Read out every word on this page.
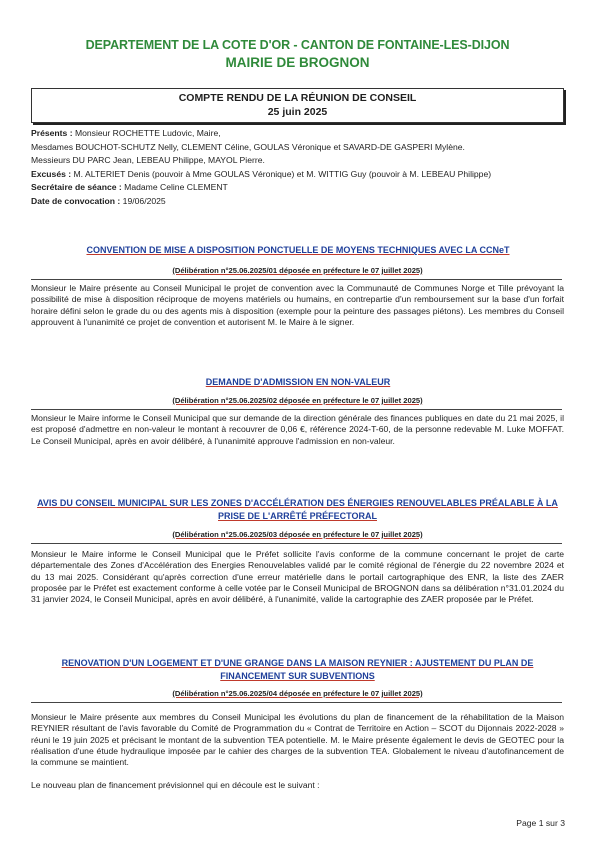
DEPARTEMENT DE LA COTE D'OR - CANTON DE FONTAINE-LES-DIJON
MAIRIE DE BROGNON
COMPTE RENDU DE LA RÉUNION DE CONSEIL
25 juin 2025
Présents : Monsieur ROCHETTE Ludovic, Maire,
Mesdames BOUCHOT-SCHUTZ Nelly, CLEMENT Céline, GOULAS Véronique et SAVARD-DE GASPERI Mylène.
Messieurs DU PARC Jean, LEBEAU Philippe, MAYOL Pierre.
Excusés : M. ALTERIET Denis (pouvoir à Mme GOULAS Véronique) et M. WITTIG Guy (pouvoir à M. LEBEAU Philippe)
Secrétaire de séance : Madame Celine CLEMENT
Date de convocation : 19/06/2025
CONVENTION DE MISE A DISPOSITION PONCTUELLE DE MOYENS TECHNIQUES AVEC LA CCNeT
(Délibération n°25.06.2025/01 déposée en préfecture le 07 juillet 2025)
Monsieur le Maire présente au Conseil Municipal le projet de convention avec la Communauté de Communes Norge et Tille prévoyant la possibilité de mise à disposition réciproque de moyens matériels ou humains, en contrepartie d'un remboursement sur la base d'un forfait horaire défini selon le grade du ou des agents mis à disposition (exemple pour la peinture des passages piétons). Les membres du Conseil approuvent à l'unanimité ce projet de convention et autorisent M. le Maire à le signer.
DEMANDE D'ADMISSION EN NON-VALEUR
(Délibération n°25.06.2025/02 déposée en préfecture le 07 juillet 2025)
Monsieur le Maire informe le Conseil Municipal que sur demande de la direction générale des finances publiques en date du 21 mai 2025, il est proposé d'admettre en non-valeur le montant à recouvrer de 0,06 €, référence 2024-T-60, de la personne redevable M. Luke MOFFAT. Le Conseil Municipal, après en avoir délibéré, à l'unanimité approuve l'admission en non-valeur.
AVIS DU CONSEIL MUNICIPAL SUR LES ZONES D'ACCÉLÉRATION DES ÉNERGIES RENOUVELABLES PRÉALABLE À LA PRISE DE L'ARRÊTÉ PRÉFECTORAL
(Délibération n°25.06.2025/03 déposée en préfecture le 07 juillet 2025)
Monsieur le Maire informe le Conseil Municipal que le Préfet sollicite l'avis conforme de la commune concernant le projet de carte départementale des Zones d'Accélération des Energies Renouvelables validé par le comité régional de l'énergie du 22 novembre 2024 et du 13 mai 2025. Considérant qu'après correction d'une erreur matérielle dans le portail cartographique des ENR, la liste des ZAER proposée par le Préfet est exactement conforme à celle votée par le Conseil Municipal de BROGNON dans sa délibération n°31.01.2024 du 31 janvier 2024, le Conseil Municipal, après en avoir délibéré, à l'unanimité, valide la cartographie des ZAER proposée par le Préfet.
RENOVATION D'UN LOGEMENT ET D'UNE GRANGE DANS LA MAISON REYNIER : AJUSTEMENT DU PLAN DE FINANCEMENT SUR SUBVENTIONS
(Délibération n°25.06.2025/04 déposée en préfecture le 07 juillet 2025)
Monsieur le Maire présente aux membres du Conseil Municipal les évolutions du plan de financement de la réhabilitation de la Maison REYNIER résultant de l'avis favorable du Comité de Programmation du « Contrat de Territoire en Action – SCOT du Dijonnais 2022-2028 » réuni le 19 juin 2025 et précisant le montant de la subvention TEA potentielle. M. le Maire présente également le devis de GEOTEC pour la réalisation d'une étude hydraulique imposée par le cahier des charges de la subvention TEA. Globalement le niveau d'autofinancement de la commune se maintient.
Le nouveau plan de financement prévisionnel qui en découle est le suivant :
Page 1 sur 3
